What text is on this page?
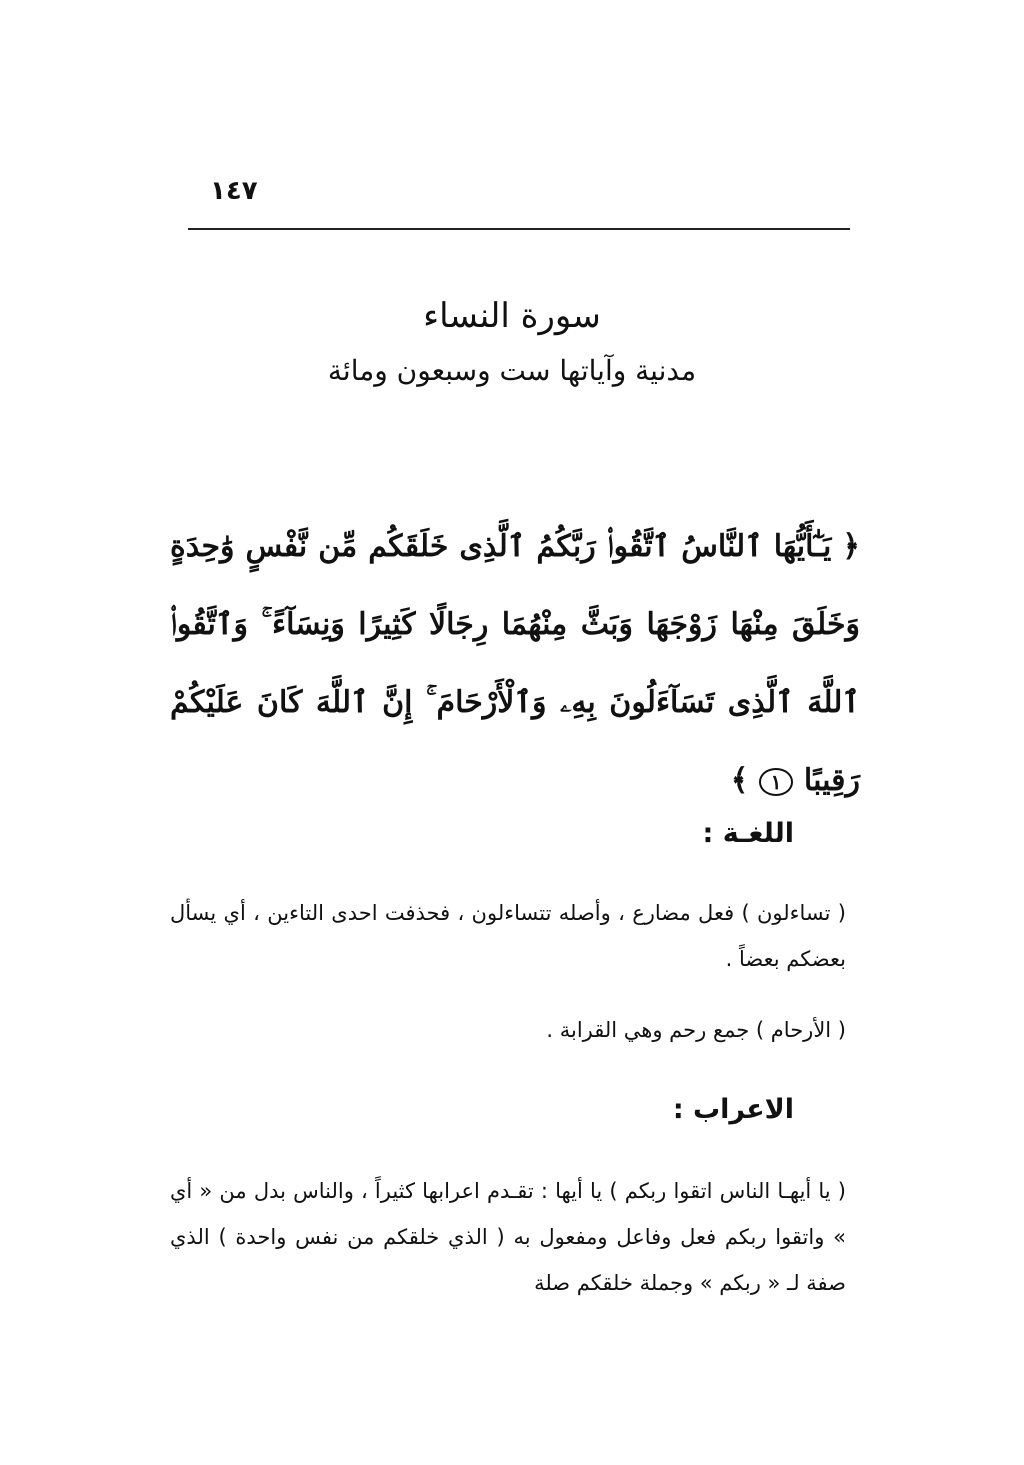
١٤٧
سورة النساء
مدنية وآياتها ست وسبعون ومائة
﴿ يَـٰٓأَيُّهَا ٱلنَّاسُ ٱتَّقُوا۟ رَبَّكُمُ ٱلَّذِى خَلَقَكُم مِّن نَّفْسٍ وَٰحِدَةٍ وَخَلَقَ مِنْهَا زَوْجَهَا وَبَثَّ مِنْهُمَا رِجَالًا كَثِيرًا وَنِسَآءً ۚ وَٱتَّقُوا۟ ٱللَّهَ ٱلَّذِى تَسَآءَلُونَ بِهِۦ وَٱلْأَرْحَامَ ۚ إِنَّ ٱللَّهَ كَانَ عَلَيْكُمْ رَقِيبًا ١ ﴾
اللغـة :
( تساءلون ) فعل مضارع ، وأصله تتساءلون ، فحذفت احدى التاءين ، أي يسأل بعضكم بعضاً .
( الأرحام ) جمع رحم وهي القرابة .
الاعراب :
( يا أيهـا الناس اتقوا ربكم ) يا أيها : تقـدم اعرابها كثيراً ، والناس بدل من « أي » واتقوا ربكم فعل وفاعل ومفعول به ( الذي خلقكم من نفس واحدة ) الذي صفة لـ « ربكم » وجملة خلقكم صلة
